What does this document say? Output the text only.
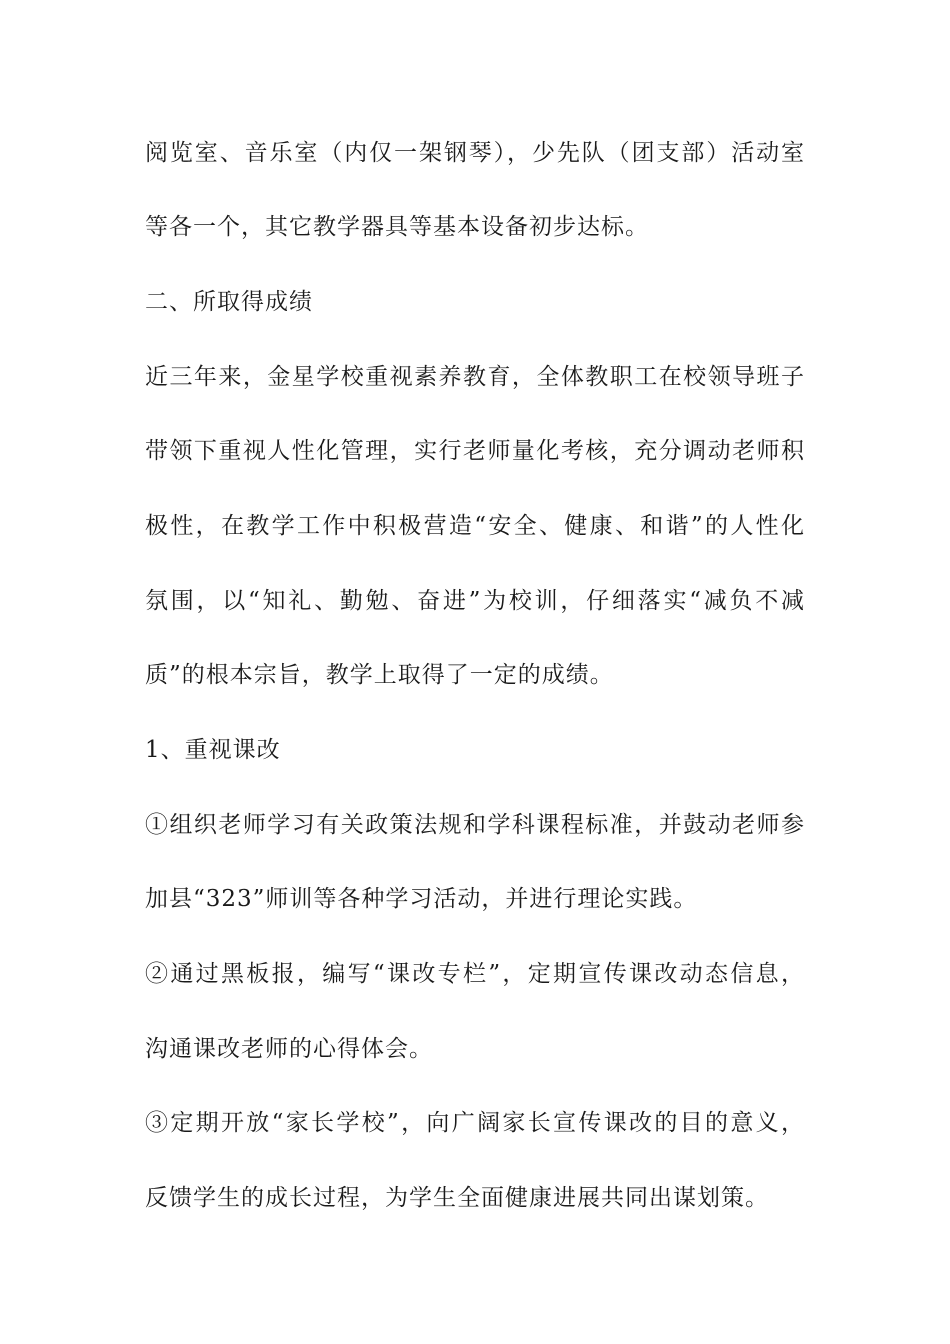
阅览室、音乐室（内仅一架钢琴），少先队（团支部）活动室
等各一个，其它教学器具等基本设备初步达标。
二、所取得成绩
近三年来，金星学校重视素养教育，全体教职工在校领导班子
带领下重视人性化管理，实行老师量化考核，充分调动老师积
极性，在教学工作中积极营造“安全、健康、和谐”的人性化
氛围，以“知礼、勤勉、奋进”为校训，仔细落实“减负不减
质”的根本宗旨，教学上取得了一定的成绩。
1、重视课改
①组织老师学习有关政策法规和学科课程标准，并鼓动老师参
加县“323”师训等各种学习活动，并进行理论实践。
②通过黑板报，编写“课改专栏”，定期宣传课改动态信息，
沟通课改老师的心得体会。
③定期开放“家长学校”，向广阔家长宣传课改的目的意义，
反馈学生的成长过程，为学生全面健康进展共同出谋划策。
